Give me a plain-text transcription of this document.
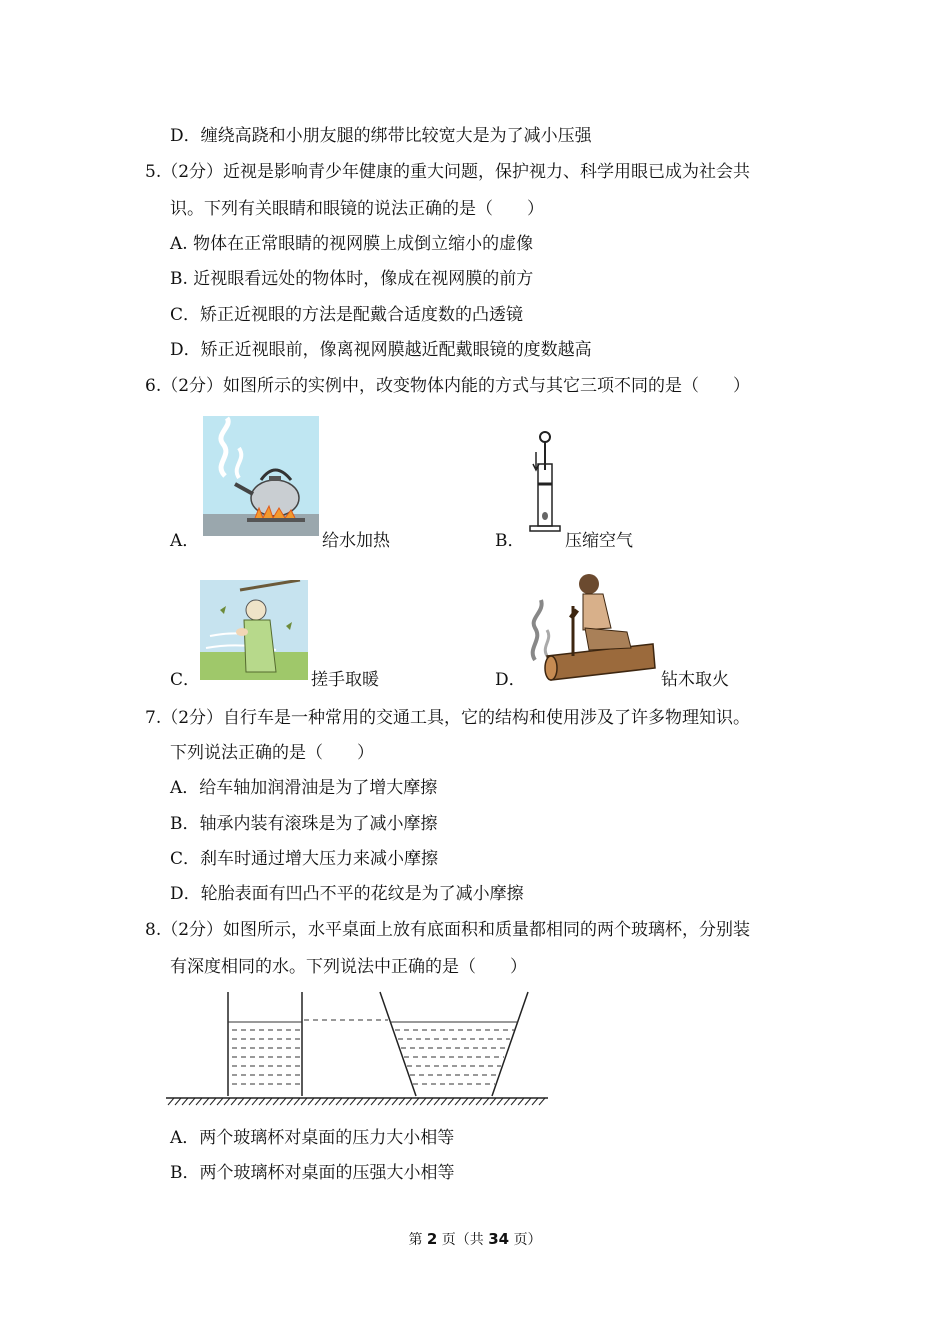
D．缠绕高跷和小朋友腿的绑带比较宽大是为了减小压强
5.（2分）近视是影响青少年健康的重大问题，保护视力、科学用眼已成为社会共
识。下列有关眼睛和眼镜的说法正确的是（　　）
A. 物体在正常眼睛的视网膜上成倒立缩小的虚像
B. 近视眼看远处的物体时，像成在视网膜的前方
C．矫正近视眼的方法是配戴合适度数的凸透镜
D．矫正近视眼前，像离视网膜越近配戴眼镜的度数越高
6.（2分）如图所示的实例中，改变物体内能的方式与其它三项不同的是（　　）
A．	给水加热	B． 压缩空气
C．	搓手取暖	D．	钻木取火
7.（2分）自行车是一种常用的交通工具，它的结构和使用涉及了许多物理知识。
下列说法正确的是（　　）
A．给车轴加润滑油是为了增大摩擦
B．轴承内装有滚珠是为了减小摩擦
C．刹车时通过增大压力来减小摩擦
D．轮胎表面有凹凸不平的花纹是为了减小摩擦
8.（2分）如图所示，水平桌面上放有底面积和质量都相同的两个玻璃杯，分别装
有深度相同的水。下列说法中正确的是（　　）
A．两个玻璃杯对桌面的压力大小相等
B．两个玻璃杯对桌面的压强大小相等
第 2 页（共 34 页）
